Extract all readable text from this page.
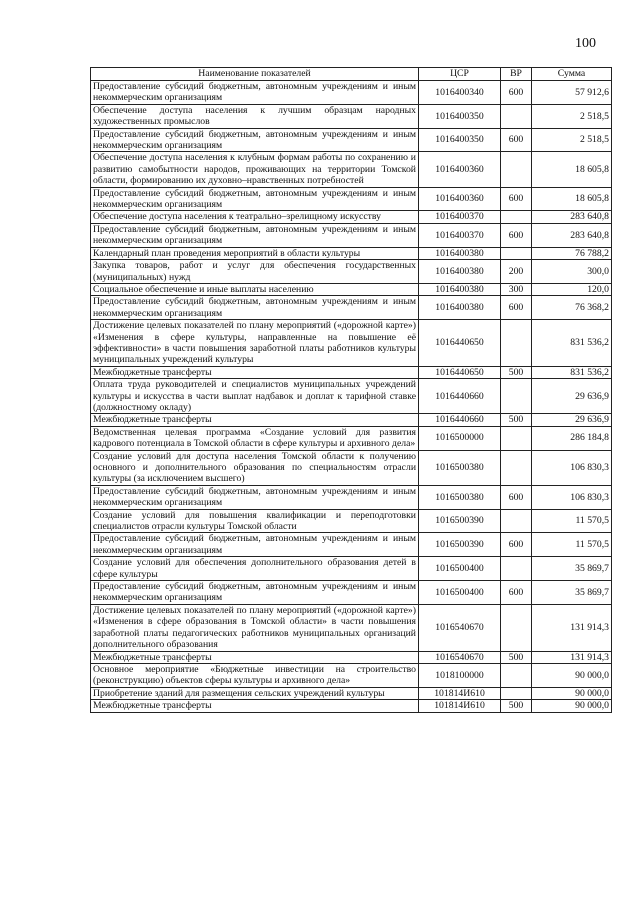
100
Наименование показателей	ЦСР	ВР	Сумма
Предоставление субсидий бюджетным, автономным учреждениям и иным некоммерческим организациям	1016400340	600	57 912,6
Обеспечение доступа населения к лучшим образцам народных художественных промыслов	1016400350		2 518,5
Предоставление субсидий бюджетным, автономным учреждениям и иным некоммерческим организациям	1016400350	600	2 518,5
Обеспечение доступа населения к клубным формам работы по сохранению и развитию самобытности народов, проживающих на территории Томской области, формированию их духовно–нравственных потребностей	1016400360		18 605,8
Предоставление субсидий бюджетным, автономным учреждениям и иным некоммерческим организациям	1016400360	600	18 605,8
Обеспечение доступа населения к театрально–зрелищному искусству	1016400370		283 640,8
Предоставление субсидий бюджетным, автономным учреждениям и иным некоммерческим организациям	1016400370	600	283 640,8
Календарный план проведения мероприятий в области культуры	1016400380		76 788,2
Закупка товаров, работ и услуг для обеспечения государственных (муниципальных) нужд	1016400380	200	300,0
Социальное обеспечение и иные выплаты населению	1016400380	300	120,0
Предоставление субсидий бюджетным, автономным учреждениям и иным некоммерческим организациям	1016400380	600	76 368,2
Достижение целевых показателей по плану мероприятий («дорожной карте») «Изменения в сфере культуры, направленные на повышение её эффективности» в части повышения заработной платы работников культуры муниципальных учреждений культуры	1016440650		831 536,2
Межбюджетные трансферты	1016440650	500	831 536,2
Оплата труда руководителей и специалистов муниципальных учреждений культуры и искусства в части выплат надбавок и доплат к тарифной ставке (должностному окладу)	1016440660		29 636,9
Межбюджетные трансферты	1016440660	500	29 636,9
Ведомственная целевая программа «Создание условий для развития кадрового потенциала в Томской области в сфере культуры и архивного дела»	1016500000		286 184,8
Создание условий для доступа населения Томской области к получению основного и дополнительного образования по специальностям отрасли культуры (за исключением высшего)	1016500380		106 830,3
Предоставление субсидий бюджетным, автономным учреждениям и иным некоммерческим организациям	1016500380	600	106 830,3
Создание условий для повышения квалификации и переподготовки специалистов отрасли культуры Томской области	1016500390		11 570,5
Предоставление субсидий бюджетным, автономным учреждениям и иным некоммерческим организациям	1016500390	600	11 570,5
Создание условий для обеспечения дополнительного образования детей в сфере культуры	1016500400		35 869,7
Предоставление субсидий бюджетным, автономным учреждениям и иным некоммерческим организациям	1016500400	600	35 869,7
Достижение целевых показателей по плану мероприятий («дорожной карте») «Изменения в сфере образования в Томской области» в части повышения заработной платы педагогических работников муниципальных организаций дополнительного образования	1016540670		131 914,3
Межбюджетные трансферты	1016540670	500	131 914,3
Основное мероприятие «Бюджетные инвестиции на строительство (реконструкцию) объектов сферы культуры и архивного дела»	1018100000		90 000,0
Приобретение зданий для размещения сельских учреждений культуры	101814И610		90 000,0
Межбюджетные трансферты	101814И610	500	90 000,0
